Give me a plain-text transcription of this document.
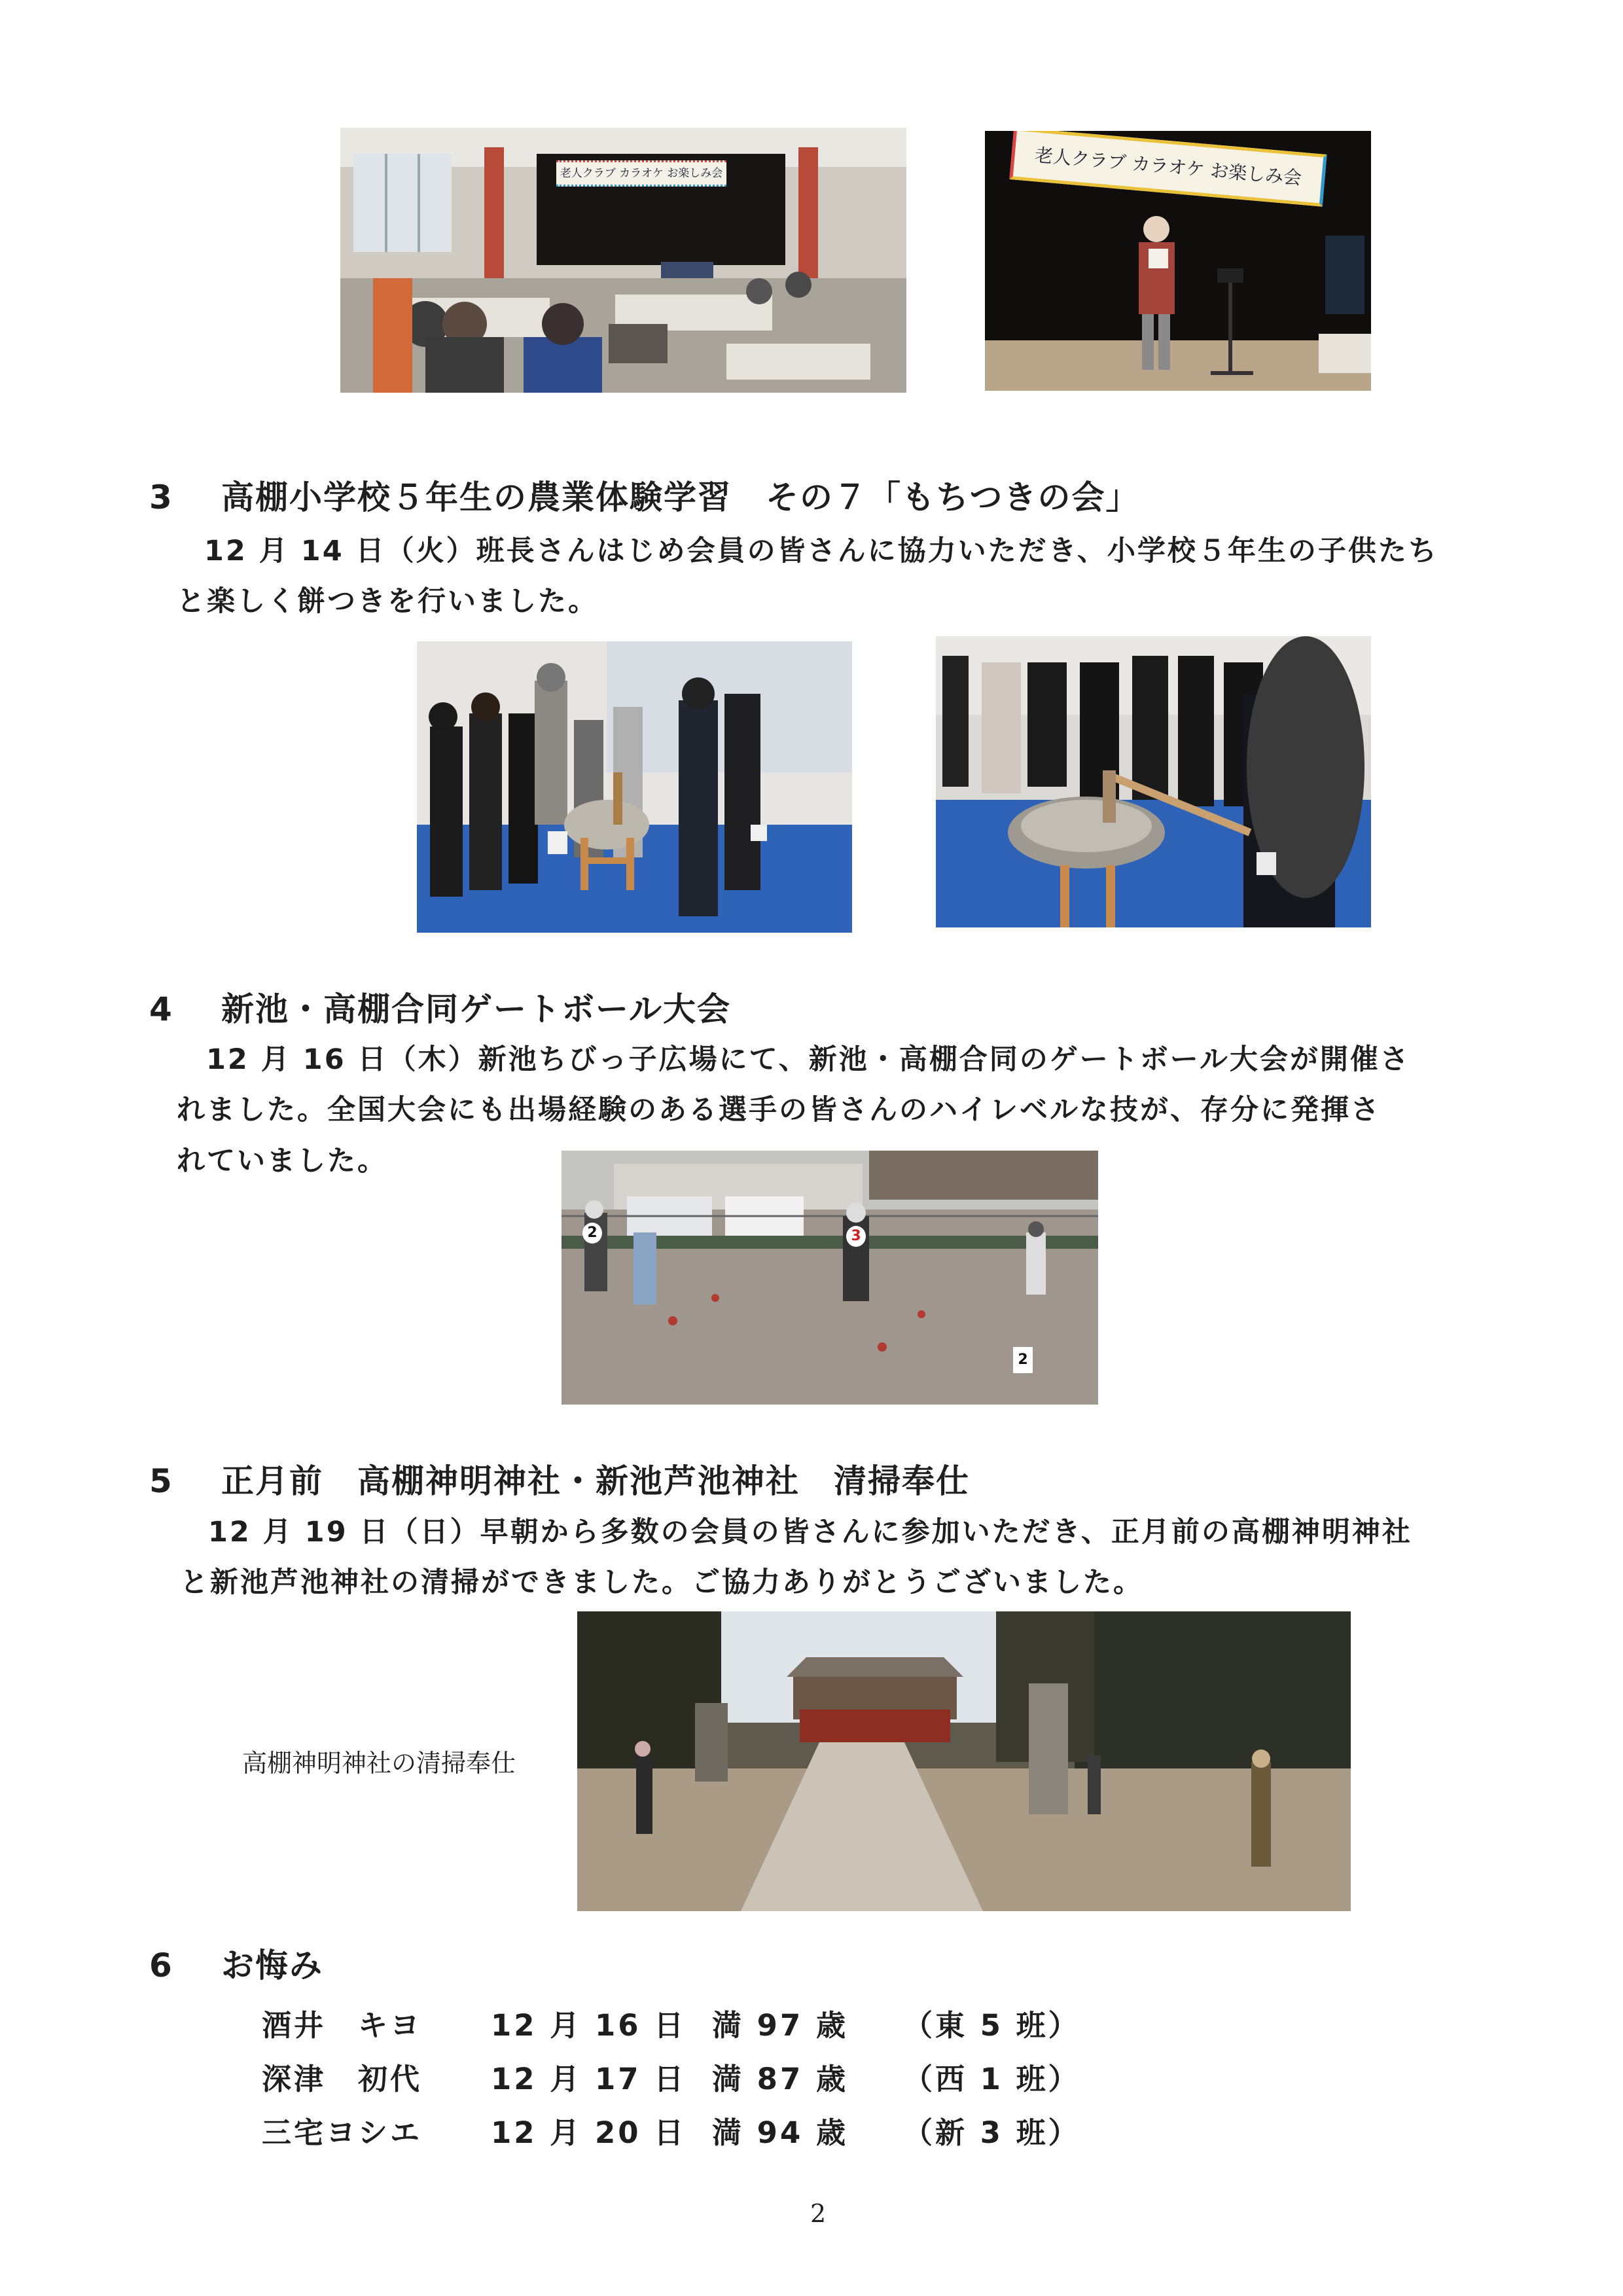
老人クラブ カラオケ お楽しみ会	老人クラブ カラオケ お楽しみ会
3 高棚小学校５年生の農業体験学習　その７「もちつきの会」
12 月 14 日（火）班長さんはじめ会員の皆さんに協力いただき、小学校５年生の子供たち
と楽しく餅つきを行いました。
4 新池・高棚合同ゲートボール大会
12 月 16 日（木）新池ちびっ子広場にて、新池・高棚合同のゲートボール大会が開催さ
れました。全国大会にも出場経験のある選手の皆さんのハイレベルな技が、存分に発揮さ
れていました。
2	3
2
5 正月前　高棚神明神社・新池芦池神社　清掃奉仕
12 月 19 日（日）早朝から多数の会員の皆さんに参加いただき、正月前の高棚神明神社
と新池芦池神社の清掃ができました。ご協力ありがとうございました。
高棚神明神社の清掃奉仕
6 お悔み
酒井　キヨ 12 月 16 日 満 97 歳 （東 5 班）
深津　初代 12 月 17 日 満 87 歳 （西 1 班）
三宅ヨシエ 12 月 20 日 満 94 歳 （新 3 班）
2
